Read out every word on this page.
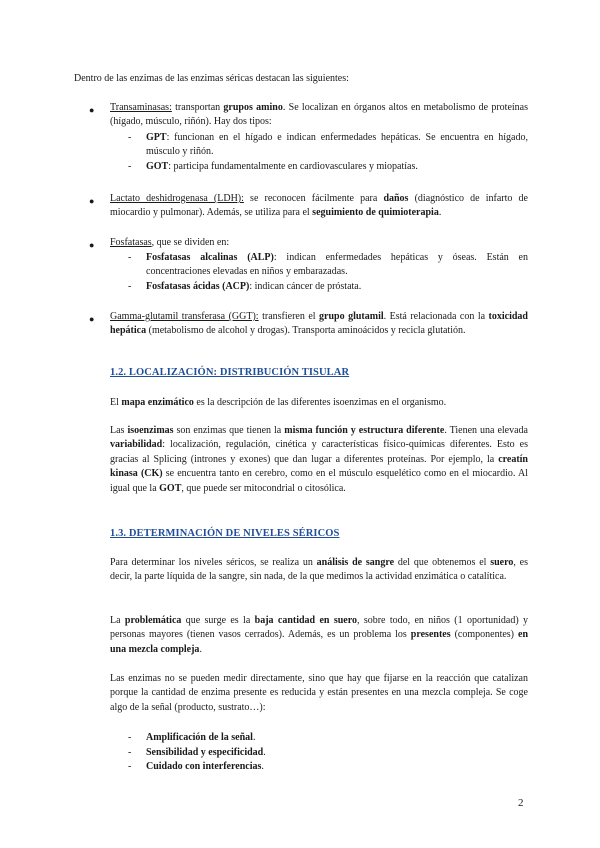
Dentro de las enzimas de las enzimas séricas destacan las siguientes:
● Transaminasas: transportan grupos amino. Se localizan en órganos altos en metabolismo de proteínas (hígado, músculo, riñón). Hay dos tipos:
- GPT: funcionan en el hígado e indican enfermedades hepáticas. Se encuentra en hígado, músculo y riñón.
- GOT: participa fundamentalmente en cardiovasculares y miopatías.
● Lactato deshidrogenasa (LDH): se reconocen fácilmente para daños (diagnóstico de infarto de miocardio y pulmonar). Además, se utiliza para el seguimiento de quimioterapia.
● Fosfatasas, que se dividen en:
- Fosfatasas alcalinas (ALP): indican enfermedades hepáticas y óseas. Están en concentraciones elevadas en niños y embarazadas.
- Fosfatasas ácidas (ACP): indican cáncer de próstata.
● Gamma-glutamil transferasa (GGT): transfieren el grupo glutamil. Está relacionada con la toxicidad hepática (metabolismo de alcohol y drogas). Transporta aminoácidos y recicla glutatión.
1.2. LOCALIZACIÓN: DISTRIBUCIÓN TISULAR
El mapa enzimático es la descripción de las diferentes isoenzimas en el organismo.
Las isoenzimas son enzimas que tienen la misma función y estructura diferente. Tienen una elevada variabilidad: localización, regulación, cinética y características físico-químicas diferentes. Esto es gracias al Splicing (intrones y exones) que dan lugar a diferentes proteínas. Por ejemplo, la creatín kinasa (CK) se encuentra tanto en cerebro, como en el músculo esquelético como en el miocardio. Al igual que la GOT, que puede ser mitocondrial o citosólica.
1.3. DETERMINACIÓN DE NIVELES SÉRICOS
Para determinar los niveles séricos, se realiza un análisis de sangre del que obtenemos el suero, es decir, la parte líquida de la sangre, sin nada, de la que medimos la actividad enzimática o catalítica.
La problemática que surge es la baja cantidad en suero, sobre todo, en niños (1 oportunidad) y personas mayores (tienen vasos cerrados). Además, es un problema los presentes (componentes) en una mezcla compleja.
Las enzimas no se pueden medir directamente, sino que hay que fijarse en la reacción que catalizan porque la cantidad de enzima presente es reducida y están presentes en una mezcla compleja. Se coge algo de la señal (producto, sustrato…):
- Amplificación de la señal.
- Sensibilidad y especificidad.
- Cuidado con interferencias.
2
